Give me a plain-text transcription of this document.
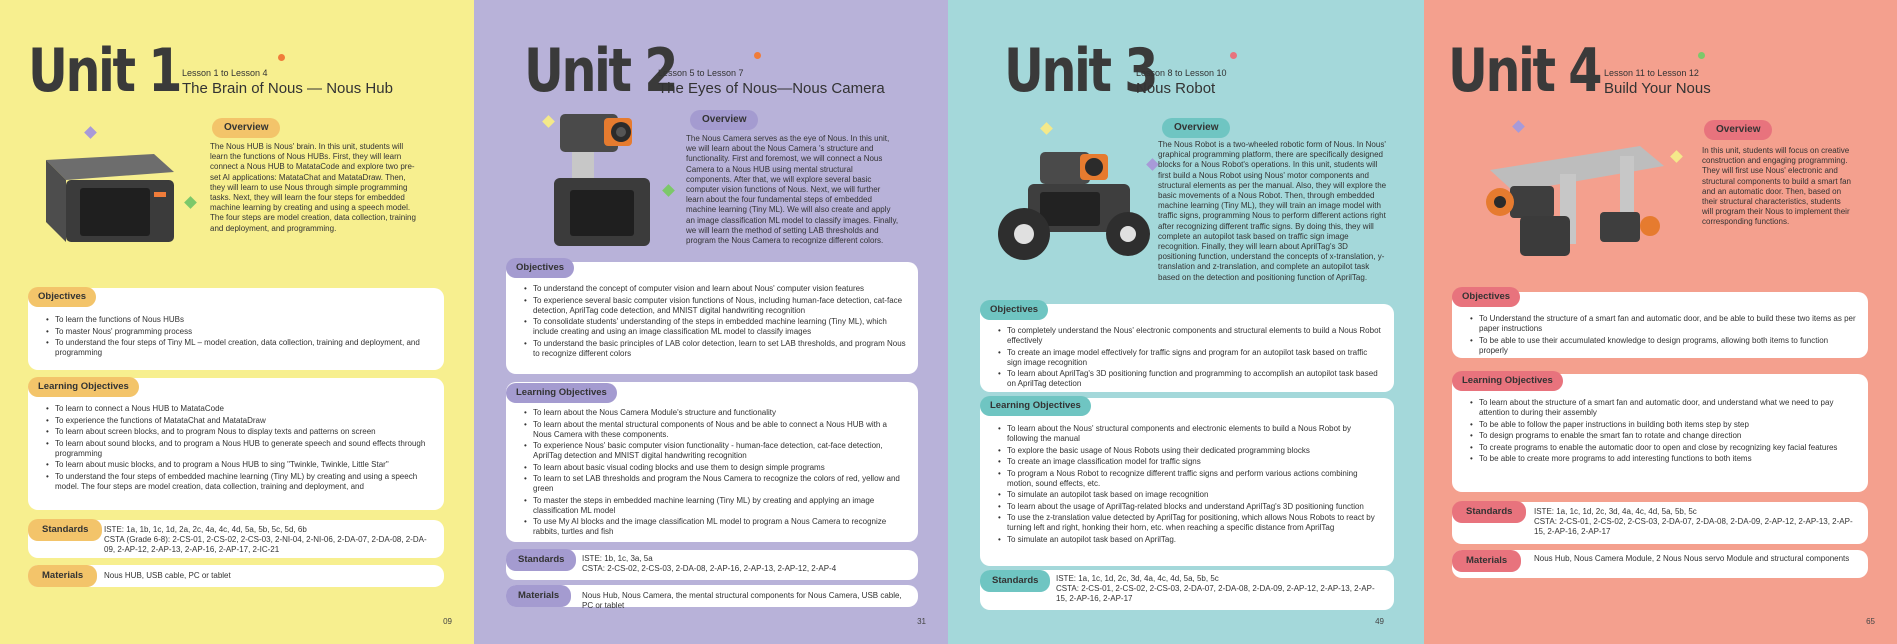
Unit 1 Lesson 1 to Lesson 4
The Brain of Nous — Nous Hub
Overview
The Nous HUB is Nous' brain. In this unit, students will learn the functions of Nous HUBs. First, they will learn connect a Nous HUB to MatataCode and explore two pre-set AI applications: MatataChat and MatataDraw. Then, they will learn to use Nous through simple programming tasks. Next, they will learn the four steps for embedded machine learning by creating and using a speech model. The four steps are model creation, data collection, training and deployment, and programming.
• To learn the functions of Nous HUBs
• To master Nous' programming process
• To understand the four steps of Tiny ML – model creation, data collection, training and deployment, and programming
Objectives
• To learn to connect a Nous HUB to MatataCode
• To experience the functions of MatataChat and MatataDraw
• To learn about screen blocks, and to program Nous to display texts and patterns on screen
• To learn about sound blocks, and to program a Nous HUB to generate speech and sound effects through programming
• To learn about music blocks, and to program a Nous HUB to sing "Twinkle, Twinkle, Little Star"
• To understand the four steps of embedded machine learning (Tiny ML) by creating and using a speech model. The four steps are model creation, data collection, training and deployment, and
Learning Objectives
ISTE: 1a, 1b, 1c, 1d, 2a, 2c, 4a, 4c, 4d, 5a, 5b, 5c, 5d, 6b
CSTA (Grade 6-8): 2-CS-01, 2-CS-02, 2-CS-03, 2-NI-04, 2-NI-06, 2-DA-07, 2-DA-08, 2-DA-09, 2-AP-12, 2-AP-13, 2-AP-16, 2-AP-17, 2-IC-21
Standards
Nous HUB, USB cable, PC or tablet
Materials
09
Unit 2
Lesson 5 to Lesson 7
The Eyes of Nous—Nous Camera
Overview
The Nous Camera serves as the eye of Nous. In this unit, we will learn about the Nous Camera 's structure and functionality. First and foremost, we will connect a Nous Camera to a Nous HUB using mental structural components. After that, we will explore several basic computer vision functions of Nous. Next, we will further learn about the four fundamental steps of embedded machine learning (Tiny ML). We will also create and apply an image classification ML model to classify images. Finally, we will learn the method of setting LAB thresholds and program the Nous Camera to recognize different colors.
• To understand the concept of computer vision and learn about Nous' computer vision features
• To experience several basic computer vision functions of Nous, including human-face detection, cat-face detection, AprilTag code detection, and MNIST digital handwriting recognition
• To consolidate students' understanding of the steps in embedded machine learning (Tiny ML), which include creating and using an image classification ML model to classify images
• To understand the basic principles of LAB color detection, learn to set LAB thresholds, and program Nous to recognize different colors
Objectives
• To learn about the Nous Camera Module's structure and functionality
• To learn about the mental structural components of Nous and be able to connect a Nous HUB with a Nous Camera with these components.
• To experience Nous' basic computer vision functionality - human-face detection, cat-face detection, AprilTag detection and MNIST digital handwriting recognition
• To learn about basic visual coding blocks and use them to design simple programs
• To learn to set LAB thresholds and program the Nous Camera to recognize the colors of red, yellow and green
• To master the steps in embedded machine learning (Tiny ML) by creating and applying an image classification ML model
• To use My AI blocks and the image classification ML model to program a Nous Camera to recognize rabbits, turtles and fish
Learning Objectives
ISTE: 1b, 1c, 3a, 5a
CSTA: 2-CS-02, 2-CS-03, 2-DA-08, 2-AP-16, 2-AP-13, 2-AP-12, 2-AP-4
Standards
Nous Hub, Nous Camera, the mental structural components for Nous Camera, USB cable, PC or tablet
Materials
31
Unit 3
Lesson 8 to Lesson 10
Nous Robot
Overview
The Nous Robot is a two-wheeled robotic form of Nous. In Nous' graphical programming platform, there are specifically designed blocks for a Nous Robot's operations. In this unit, students will first build a Nous Robot using Nous' motor components and structural elements as per the manual. Also, they will explore the basic movements of a Nous Robot. Then, through embedded machine learning (Tiny ML), they will train an image model with traffic signs, programming Nous to perform different actions right after recognizing different traffic signs. By doing this, they will complete an autopilot task based on traffic sign image recognition. Finally, they will learn about AprilTag's 3D positioning function, understand the concepts of x-translation, y-translation and z-translation, and complete an autopilot task based on the detection and positioning function of AprilTag.
• To completely understand the Nous' electronic components and structural elements to build a Nous Robot effectively
• To create an image model effectively for traffic signs and program for an autopilot task based on traffic sign image recognition
• To learn about AprilTag's 3D positioning function and programming to accomplish an autopilot task based on AprilTag detection
Objectives
• To learn about the Nous' structural components and electronic elements to build a Nous Robot by following the manual
• To explore the basic usage of Nous Robots using their dedicated programming blocks
• To create an image classification model for traffic signs
• To program a Nous Robot to recognize different traffic signs and perform various actions combining motion, sound effects, etc.
• To simulate an autopilot task based on image recognition
• To learn about the usage of AprilTag-related blocks and understand AprilTag's 3D positioning function
• To use the z-translation value detected by AprilTag for positioning, which allows Nous Robots to react by turning left and right, honking their horn, etc. when reaching a specific distance from AprilTag
• To simulate an autopilot task based on AprilTag.
Learning Objectives
ISTE: 1a, 1c, 1d, 2c, 3d, 4a, 4c, 4d, 5a, 5b, 5c
CSTA: 2-CS-01, 2-CS-02, 2-CS-03, 2-DA-07, 2-DA-08, 2-DA-09, 2-AP-12, 2-AP-13, 2-AP-15, 2-AP-16, 2-AP-17
Standards
49
Unit 4 Lesson 11 to Lesson 12
Build Your Nous
Overview
In this unit, students will focus on creative construction and engaging programming. They will first use Nous' electronic and structural components to build a smart fan and an automatic door. Then, based on their structural characteristics, students will program their Nous to implement their corresponding functions.
• To Understand the structure of a smart fan and automatic door, and be able to build these two items as per paper instructions
• To be able to use their accumulated knowledge to design programs, allowing both items to function properly
Objectives
• To learn about the structure of a smart fan and automatic door, and understand what we need to pay attention to during their assembly
• To be able to follow the paper instructions in building both items step by step
• To design programs to enable the smart fan to rotate and change direction
• To create programs to enable the automatic door to open and close by recognizing key facial features
• To be able to create more programs to add interesting functions to both items
Learning Objectives
ISTE: 1a, 1c, 1d, 2c, 3d, 4a, 4c, 4d, 5a, 5b, 5c
CSTA: 2-CS-01, 2-CS-02, 2-CS-03, 2-DA-07, 2-DA-08, 2-DA-09, 2-AP-12, 2-AP-13, 2-AP-15, 2-AP-16, 2-AP-17
Standards
Nous Hub, Nous Camera Module, 2 Nous Nous servo Module and structural components
Materials
65
